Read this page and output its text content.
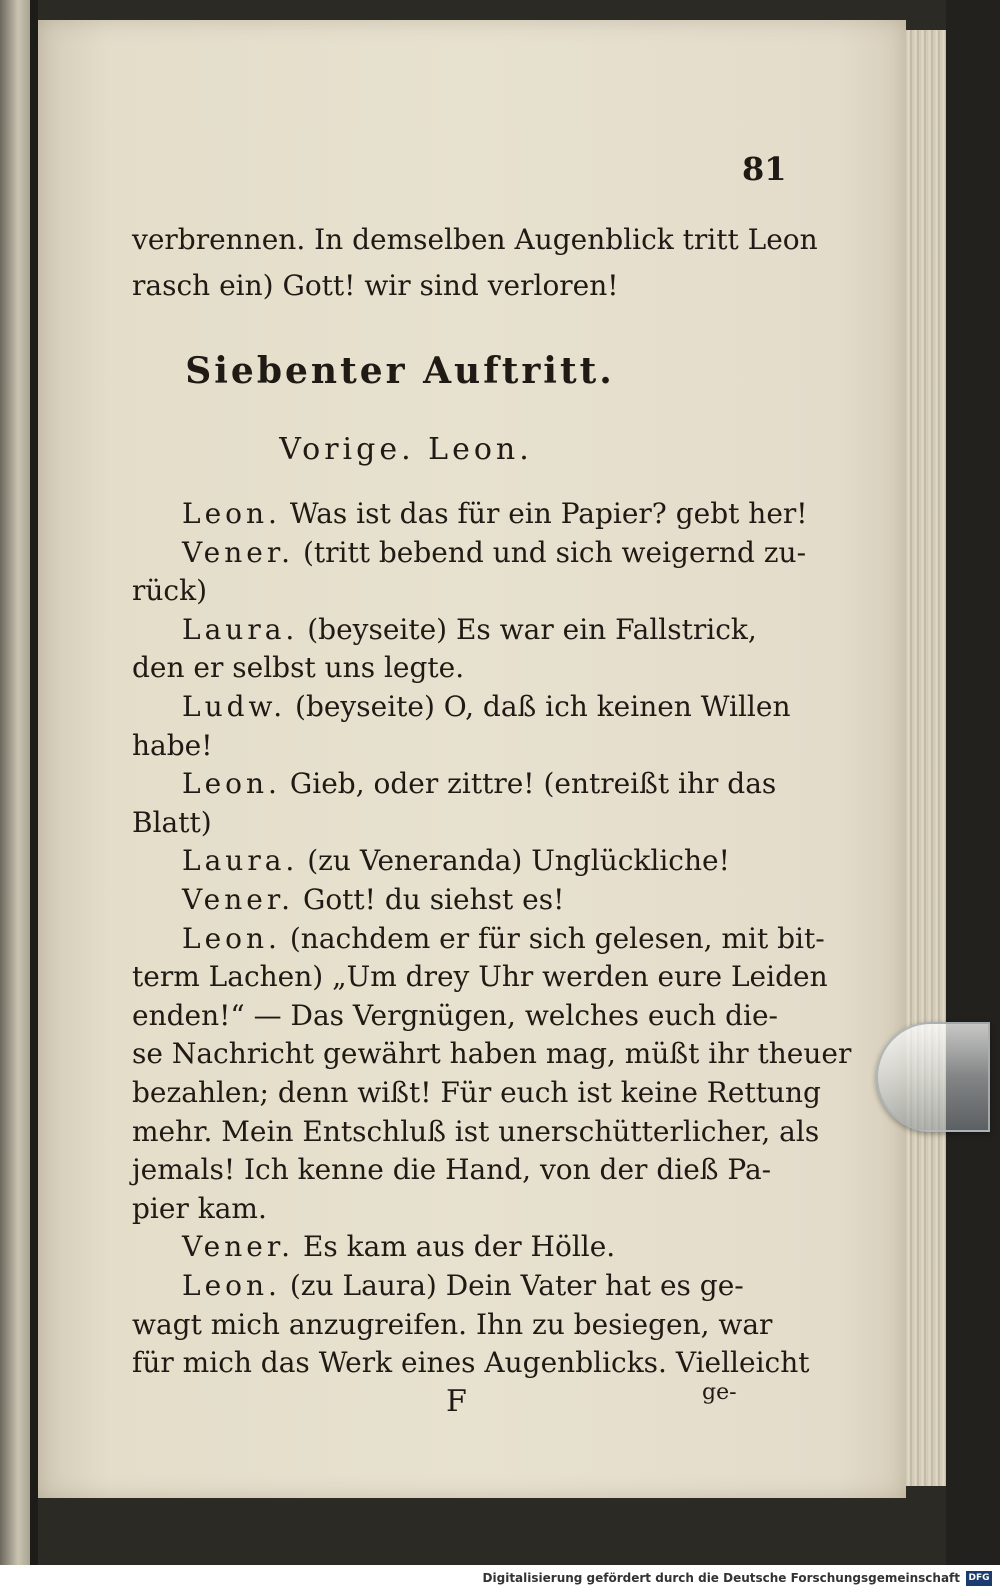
81
verbrennen. In demselben Augenblick tritt Leon
rasch ein) Gott! wir sind verloren!
Siebenter Auftritt.
Vorige. Leon.
Leon. Was ist das für ein Papier? gebt her!
Vener. (tritt bebend und sich weigernd zu-
rück)
Laura. (beyseite) Es war ein Fallstrick,
den er selbst uns legte.
Ludw. (beyseite) O, daß ich keinen Willen
habe!
Leon. Gieb, oder zittre! (entreißt ihr das
Blatt)
Laura. (zu Veneranda) Unglückliche!
Vener. Gott! du siehst es!
Leon. (nachdem er für sich gelesen, mit bit-
term Lachen) „Um drey Uhr werden eure Leiden
enden!“ — Das Vergnügen, welches euch die-
se Nachricht gewährt haben mag, müßt ihr theuer
bezahlen; denn wißt! Für euch ist keine Rettung
mehr. Mein Entschluß ist unerschütterlicher, als
jemals! Ich kenne die Hand, von der dieß Pa-
pier kam.
Vener. Es kam aus der Hölle.
Leon. (zu Laura) Dein Vater hat es ge-
wagt mich anzugreifen. Ihn zu besiegen, war
für mich das Werk eines Augenblicks. Vielleicht
F	ge-
Digitalisierung gefördert durch die Deutsche Forschungsgemeinschaft DFG
